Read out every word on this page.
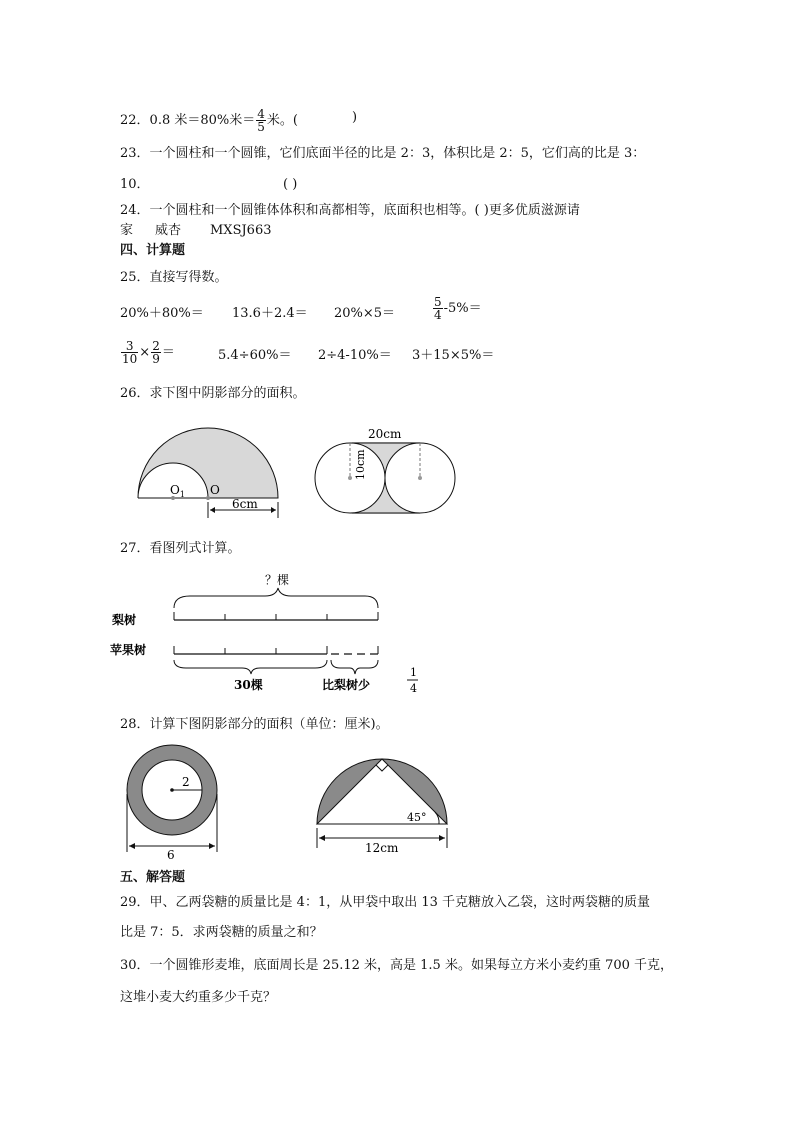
22．0.8 米＝80%米＝ $\frac{4}{5}$ 米。(	)
23．一个圆柱和一个圆锥，它们底面半径的比是 2：3，体积比是 2：5，它们高的比是 3：
10．	( )
24．一个圆柱和一个圆锥体体积和高都相等，底面积也相等。( )更多优质滋源请
家 威杏 MXSJ663
四、计算题
25．直接写得数。
20%＋80%＝ 13.6＋2.4＝ 20%×5＝	$\frac{5}{4} -5\%=$
$\frac{3}{10} \times \frac{2}{9}$ ＝	5.4÷60%＝ 2÷4-10%＝ 3＋15×5%＝
26．求下图中阴影部分的面积。
$O_1$ O
6cm
20cm
10cm
27．看图列式计算。
？棵
梨树
苹果树
30棵	比梨树少
1
4
28．计算下图阴影部分的面积（单位：厘米)。
2
6
45°
12cm
五、解答题
29．甲、乙两袋糖的质量比是 4：1，从甲袋中取出 13 千克糖放入乙袋，这时两袋糖的质量
比是 7：5．求两袋糖的质量之和？
30．一个圆锥形麦堆，底面周长是 25.12 米，高是 1.5 米。如果每立方米小麦约重 700 千克，
这堆小麦大约重多少千克？
